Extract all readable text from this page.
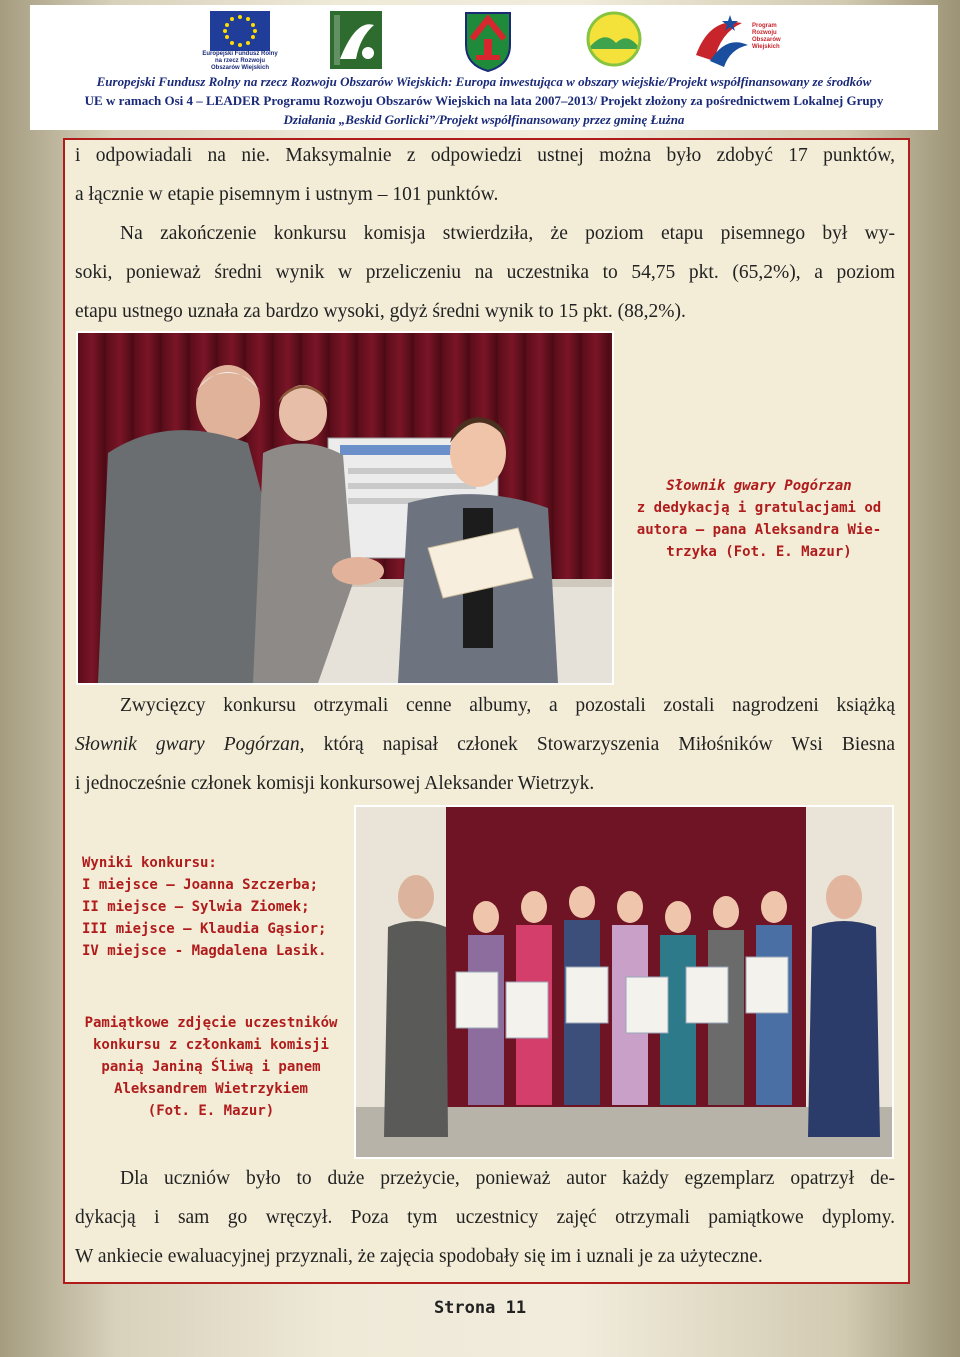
Europejski Fundusz Rolny na rzecz Rozwoju Obszarów Wiejskich
Program Rozwoju Obszarów Wiejskich
Europejski Fundusz Rolny na rzecz Rozwoju Obszarów Wiejskich: Europa inwestująca w obszary wiejskie/Projekt współfinansowany ze środków
UE w ramach Osi 4 – LEADER Programu Rozwoju Obszarów Wiejskich na lata 2007–2013/ Projekt złożony za pośrednictwem Lokalnej Grupy
Działania „Beskid Gorlicki”/Projekt współfinansowany przez gminę Łużna
i odpowiadali na nie. Maksymalnie z odpowiedzi ustnej można było zdobyć 17 punktów,
a łącznie w etapie pisemnym i ustnym – 101 punktów.
Na zakończenie konkursu komisja stwierdziła, że poziom etapu pisemnego był wy-
soki, ponieważ średni wynik w przeliczeniu na uczestnika to 54,75 pkt. (65,2%), a poziom
etapu ustnego uznała za bardzo wysoki, gdyż średni wynik to 15 pkt. (88,2%).
Słownik gwary Pogórzan
z dedykacją i gratulacjami od
autora – pana Aleksandra Wie-
trzyka (Fot. E. Mazur)
Zwycięzcy konkursu otrzymali cenne albumy, a pozostali zostali nagrodzeni książką
Słownik gwary Pogórzan, którą napisał członek Stowarzyszenia Miłośników Wsi Biesna
i jednocześnie członek komisji konkursowej Aleksander Wietrzyk.
Wyniki konkursu:
I miejsce – Joanna Szczerba;
II miejsce – Sylwia Ziomek;
III miejsce – Klaudia Gąsior;
IV miejsce - Magdalena Lasik.
Pamiątkowe zdjęcie uczestników
konkursu z członkami komisji
panią Janiną Śliwą i panem
Aleksandrem Wietrzykiem
(Fot. E. Mazur)
Dla uczniów było to duże przeżycie, ponieważ autor każdy egzemplarz opatrzył de-
dykacją i sam go wręczył. Poza tym uczestnicy zajęć otrzymali pamiątkowe dyplomy.
W ankiecie ewaluacyjnej przyznali, że zajęcia spodobały się im i uznali je za użyteczne.
Strona 11
